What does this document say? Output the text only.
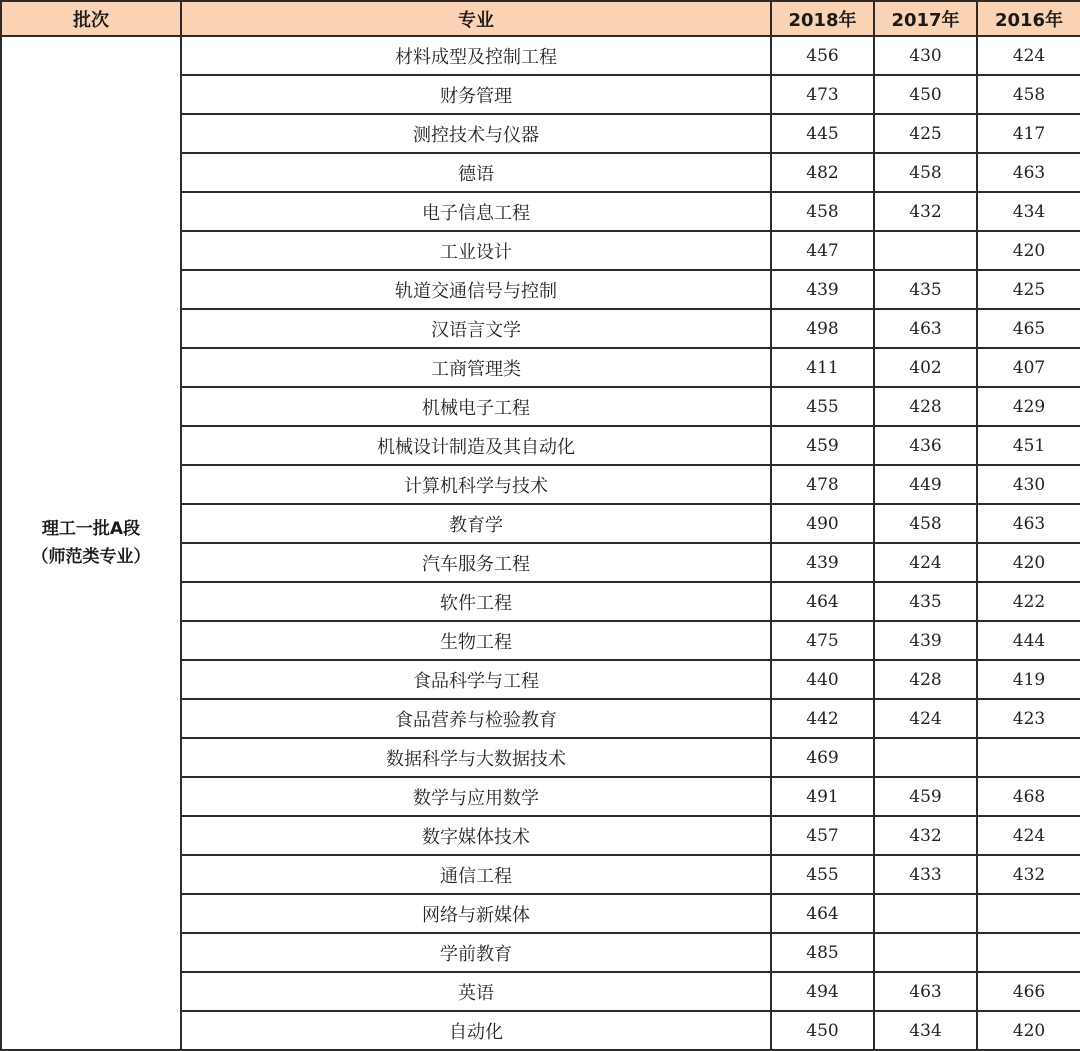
批次	专业	2018年	2017年	2016年

理工一批A段
（师范类专业）	材料成型及控制工程	456	430	424
	财务管理	473	450	458
	测控技术与仪器	445	425	417
	德语	482	458	463
	电子信息工程	458	432	434
	工业设计	447		420
	轨道交通信号与控制	439	435	425
	汉语言文学	498	463	465
	工商管理类	411	402	407
	机械电子工程	455	428	429
	机械设计制造及其自动化	459	436	451
	计算机科学与技术	478	449	430
	教育学	490	458	463
	汽车服务工程	439	424	420
	软件工程	464	435	422
	生物工程	475	439	444
	食品科学与工程	440	428	419
	食品营养与检验教育	442	424	423
	数据科学与大数据技术	469		
	数学与应用数学	491	459	468
	数字媒体技术	457	432	424
	通信工程	455	433	432
	网络与新媒体	464		
	学前教育	485		
	英语	494	463	466
	自动化	450	434	420
